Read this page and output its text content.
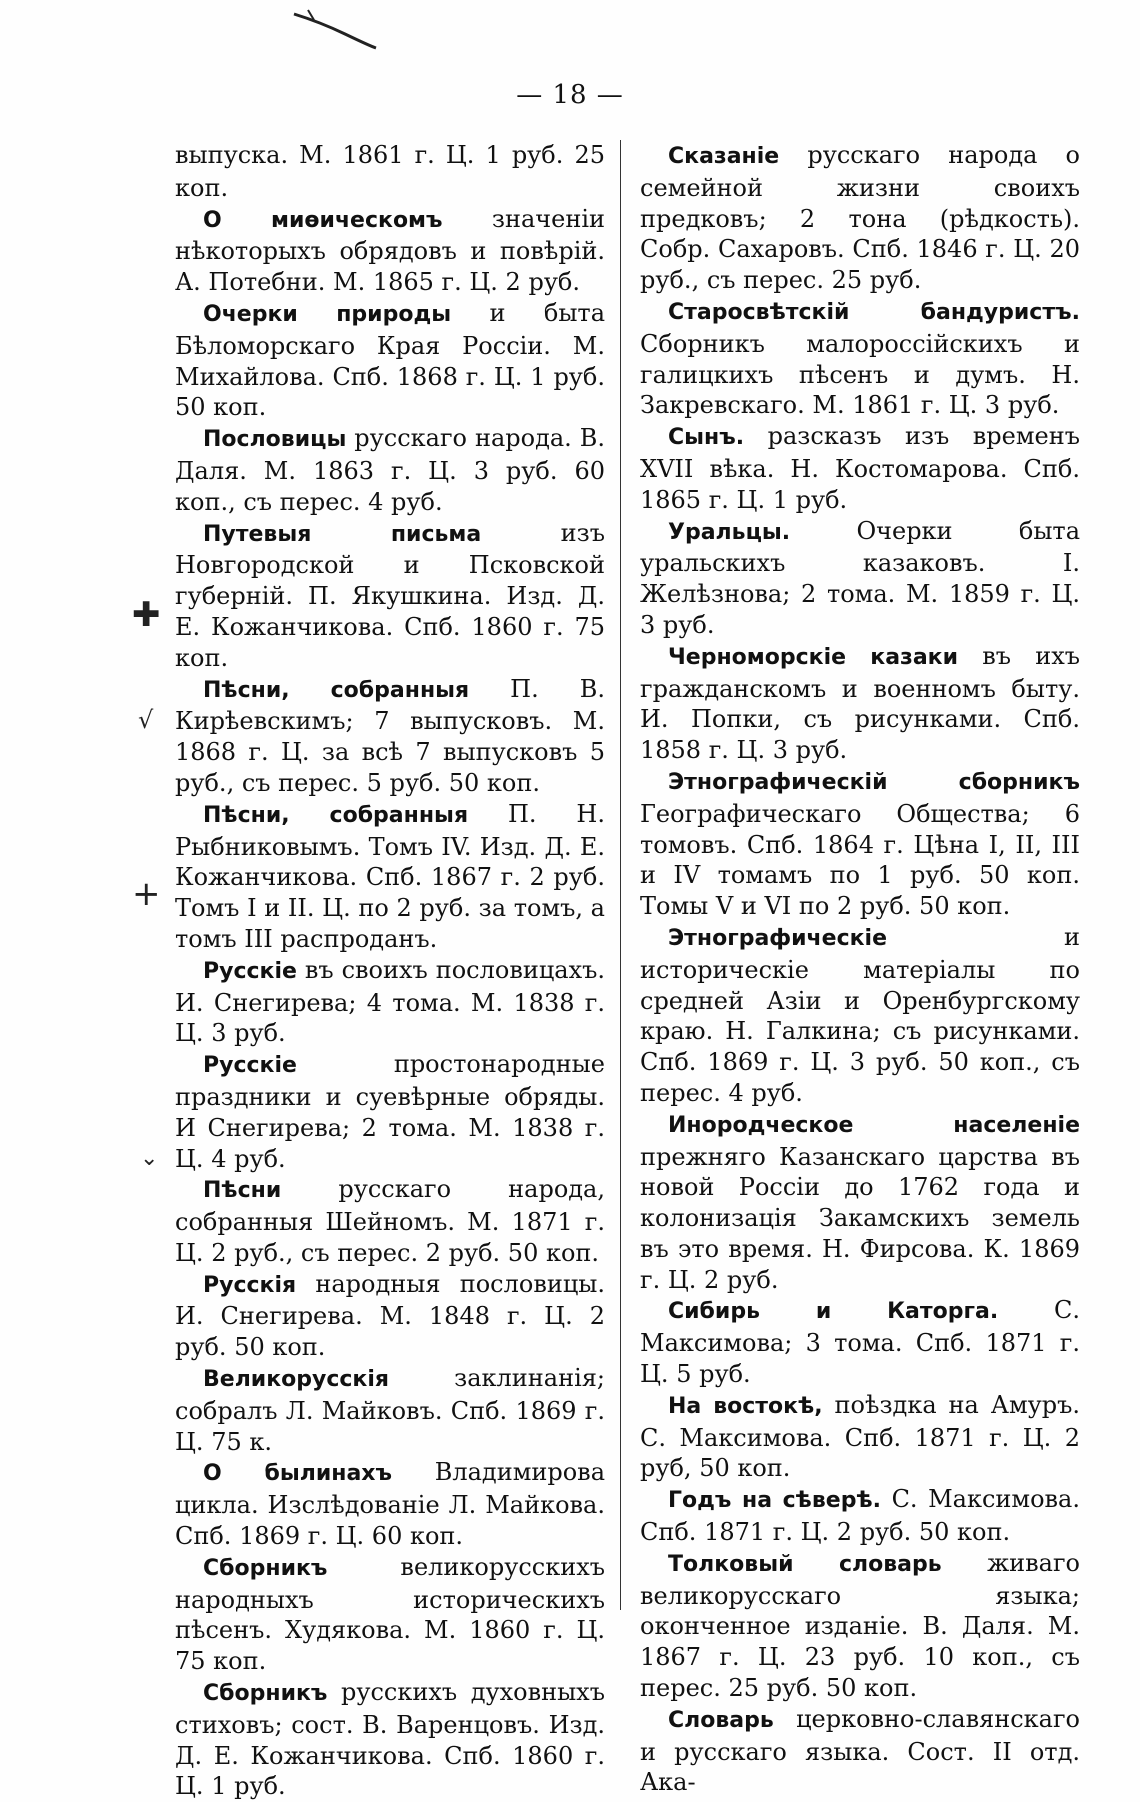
— 18 —
✚
√
+
⌄

выпуска. М. 1861 г. Ц. 1 руб. 25 коп.

О миѳическомъ значеніи нѣкоторыхъ обрядовъ и повѣрій. А. Потебни. М. 1865 г. Ц. 2 руб.

Очерки природы и быта Бѣломорскаго Края Россіи. М. Михайлова. Спб. 1868 г. Ц. 1 руб. 50 коп.

Пословицы русскаго народа. В. Даля. М. 1863 г. Ц. 3 руб. 60 коп., съ перес. 4 руб.

Путевыя письма изъ Новгородской и Псковской губерній. П. Якушкина. Изд. Д. Е. Кожанчикова. Спб. 1860 г. 75 коп.

Пѣсни, собранныя П. В. Кирѣевскимъ; 7 выпусковъ. М. 1868 г. Ц. за всѣ 7 выпусковъ 5 руб., съ перес. 5 руб. 50 коп.

Пѣсни, собранныя П. Н. Рыбниковымъ. Томъ IV. Изд. Д. Е. Кожанчикова. Спб. 1867 г. 2 руб. Томъ I и II. Ц. по 2 руб. за томъ, а томъ III распроданъ.

Русскіе въ своихъ пословицахъ. И. Снегирева; 4 тома. М. 1838 г. Ц. 3 руб.

Русскіе простонародные праздники и суевѣрные обряды. И Снегирева; 2 тома. М. 1838 г. Ц. 4 руб.

Пѣсни русскаго народа, собранныя Шейномъ. М. 1871 г. Ц. 2 руб., съ перес. 2 руб. 50 коп.

Русскія народныя пословицы. И. Снегирева. М. 1848 г. Ц. 2 руб. 50 коп.

Великорусскія заклинанія; собралъ Л. Майковъ. Спб. 1869 г. Ц. 75 к.

О былинахъ Владимирова цикла. Изслѣдованіе Л. Майкова. Спб. 1869 г. Ц. 60 коп.

Сборникъ великорусскихъ народныхъ историческихъ пѣсенъ. Худякова. М. 1860 г. Ц. 75 коп.

Сборникъ русскихъ духовныхъ стиховъ; сост. В. Варенцовъ. Изд. Д. Е. Кожанчикова. Спб. 1860 г. Ц. 1 руб.

Сказаніе русскаго народа о семейной жизни своихъ предковъ; 2 тона (рѣдкость). Собр. Сахаровъ. Спб. 1846 г. Ц. 20 руб., съ перес. 25 руб.

Старосвѣтскій бандуристъ. Сборникъ малороссійскихъ и галицкихъ пѣсенъ и думъ. Н. Закревскаго. М. 1861 г. Ц. 3 руб.

Сынъ. разсказъ изъ временъ XVII вѣка. Н. Костомарова. Спб. 1865 г. Ц. 1 руб.

Уральцы. Очерки быта уральскихъ казаковъ. I. Желѣзнова; 2 тома. М. 1859 г. Ц. 3 руб.

Черноморскіе казаки въ ихъ гражданскомъ и военномъ быту. И. Попки, съ рисунками. Спб. 1858 г. Ц. 3 руб.

Этнографическій сборникъ Географическаго Общества; 6 томовъ. Спб. 1864 г. Цѣна I, II, III и IV томамъ по 1 руб. 50 коп. Томы V и VI по 2 руб. 50 коп.

Этнографическіе и историческіе матеріалы по средней Азіи и Оренбургскому краю. Н. Галкина; съ рисунками. Спб. 1869 г. Ц. 3 руб. 50 коп., съ перес. 4 руб.

Инородческое населеніе прежняго Казанскаго царства въ новой Россіи до 1762 года и колонизація Закамскихъ земель въ это время. Н. Фирсова. К. 1869 г. Ц. 2 руб.

Сибирь и Каторга. С. Максимова; 3 тома. Спб. 1871 г. Ц. 5 руб.

На востокѣ, поѣздка на Амуръ. С. Максимова. Спб. 1871 г. Ц. 2 руб, 50 коп.

Годъ на сѣверѣ. С. Максимова. Спб. 1871 г. Ц. 2 руб. 50 коп.

Толковый словарь живаго великорусскаго языка; оконченное изданіе. В. Даля. М. 1867 г. Ц. 23 руб. 10 коп., съ перес. 25 руб. 50 коп.

Словарь церковно-славянскаго и русскаго языка. Сост. II отд. Ака-
